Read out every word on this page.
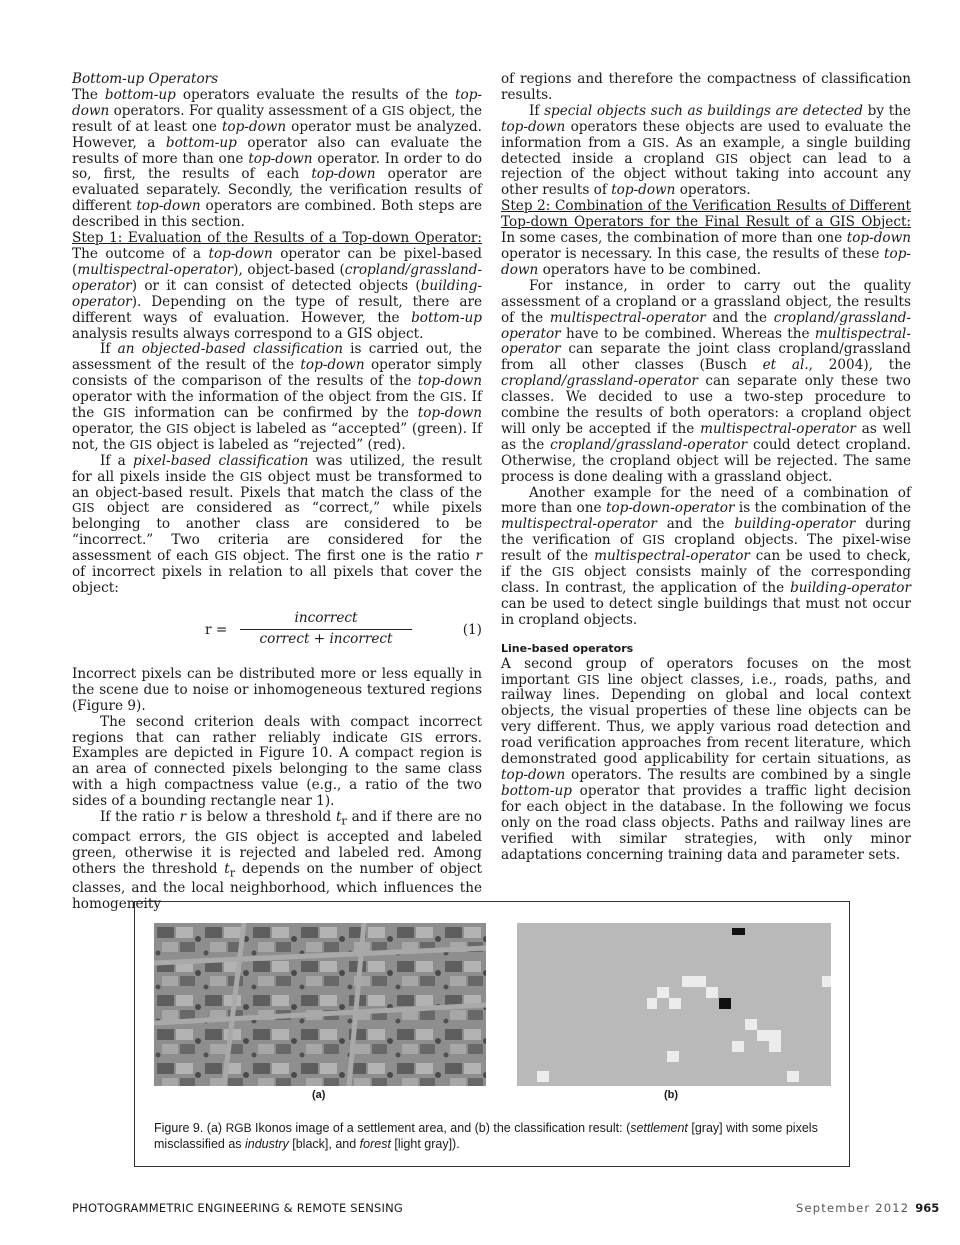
Bottom-up Operators

The bottom-up operators evaluate the results of the top-down operators. For quality assessment of a GIS object, the result of at least one top-down operator must be analyzed. However, a bottom-up operator also can evaluate the results of more than one top-down operator. In order to do so, first, the results of each top-down operator are evaluated separately. Secondly, the verification results of different top-down operators are combined. Both steps are described in this section.

Step 1: Evaluation of the Results of a Top-down Operator: The outcome of a top-down operator can be pixel-based (multispectral-operator), object-based (cropland/grassland-operator) or it can consist of detected objects (building-operator). Depending on the type of result, there are different ways of evaluation. However, the bottom-up analysis results always correspond to a GIS object.

If an objected-based classification is carried out, the assessment of the result of the top-down operator simply consists of the comparison of the results of the top-down operator with the information of the object from the GIS. If the GIS information can be confirmed by the top-down operator, the GIS object is labeled as “accepted” (green). If not, the GIS object is labeled as “rejected” (red).

If a pixel-based classification was utilized, the result for all pixels inside the GIS object must be transformed to an object-based result. Pixels that match the class of the GIS object are considered as “correct,” while pixels belonging to another class are considered to be “incorrect.” Two criteria are considered for the assessment of each GIS object. The first one is the ratio r of incorrect pixels in relation to all pixels that cover the object:

r =
incorrect
correct + incorrect
(1)

Incorrect pixels can be distributed more or less equally in the scene due to noise or inhomogeneous textured regions (Figure 9).

The second criterion deals with compact incorrect regions that can rather reliably indicate GIS errors. Examples are depicted in Figure 10. A compact region is an area of connected pixels belonging to the same class with a high compactness value (e.g., a ratio of the two sides of a bounding rectangle near 1).

If the ratio r is below a threshold $t_r$ and if there are no compact errors, the GIS object is accepted and labeled green, otherwise it is rejected and labeled red. Among others the threshold $t_r$ depends on the number of object classes, and the local neighborhood, which influences the homogeneity

of regions and therefore the compactness of classification results.

If special objects such as buildings are detected by the top-down operators these objects are used to evaluate the information from a GIS. As an example, a single building detected inside a cropland GIS object can lead to a rejection of the object without taking into account any other results of top-down operators.

Step 2: Combination of the Verification Results of Different Top-down Operators for the Final Result of a GIS Object: In some cases, the combination of more than one top-down operator is necessary. In this case, the results of these top-down operators have to be combined.

For instance, in order to carry out the quality assessment of a cropland or a grassland object, the results of the multispectral-operator and the cropland/grassland-operator have to be combined. Whereas the multispectral-operator can separate the joint class cropland/grassland from all other classes (Busch et al., 2004), the cropland/grassland-operator can separate only these two classes. We decided to use a two-step procedure to combine the results of both operators: a cropland object will only be accepted if the multispectral-operator as well as the cropland/grassland-operator could detect cropland. Otherwise, the cropland object will be rejected. The same process is done dealing with a grassland object.

Another example for the need of a combination of more than one top-down-operator is the combination of the multispectral-operator and the building-operator during the verification of GIS cropland objects. The pixel-wise result of the multispectral-operator can be used to check, if the GIS object consists mainly of the corresponding class. In contrast, the application of the building-operator can be used to detect single buildings that must not occur in cropland objects.

Line-based operators

A second group of operators focuses on the most important GIS line object classes, i.e., roads, paths, and railway lines. Depending on global and local context objects, the visual properties of these line objects can be very different. Thus, we apply various road detection and road verification approaches from recent literature, which demonstrated good applicability for certain situations, as top-down operators. The results are combined by a single bottom-up operator that provides a traffic light decision for each object in the database. In the following we focus only on the road class objects. Paths and railway lines are verified with similar strategies, with only minor adaptations concerning training data and parameter sets.

(a)	(b)
Figure 9. (a) RGB Ikonos image of a settlement area, and (b) the classification result: (settlement [gray] with some pixels misclassified as industry [black], and forest [light gray]).
PHOTOGRAMMETRIC ENGINEERING & REMOTE SENSING	September 2012 965
